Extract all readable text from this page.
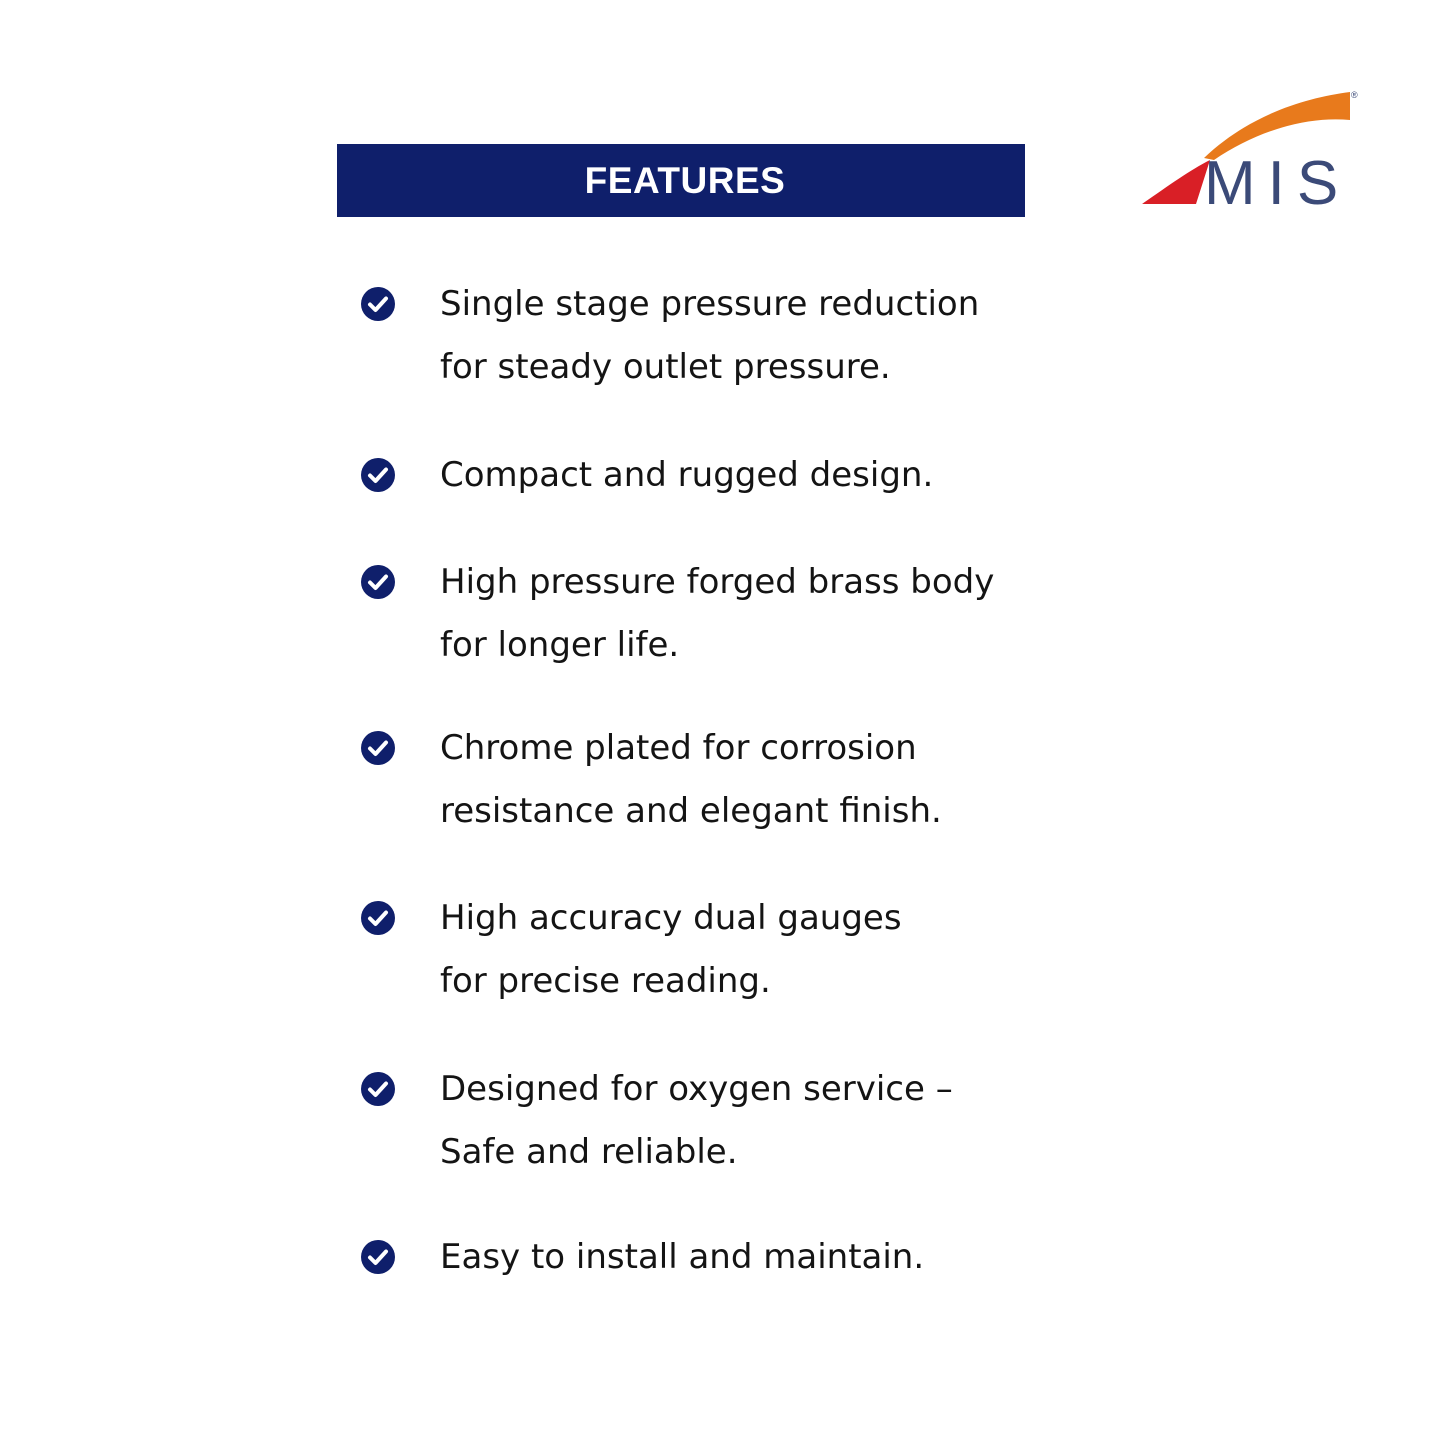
FEATURES
®
MIS
Single stage pressure reduction
for steady outlet pressure.
Compact and rugged design.
High pressure forged brass body
for longer life.
Chrome plated for corrosion
resistance and elegant finish.
High accuracy dual gauges
for precise reading.
Designed for oxygen service –
Safe and reliable.
Easy to install and maintain.
